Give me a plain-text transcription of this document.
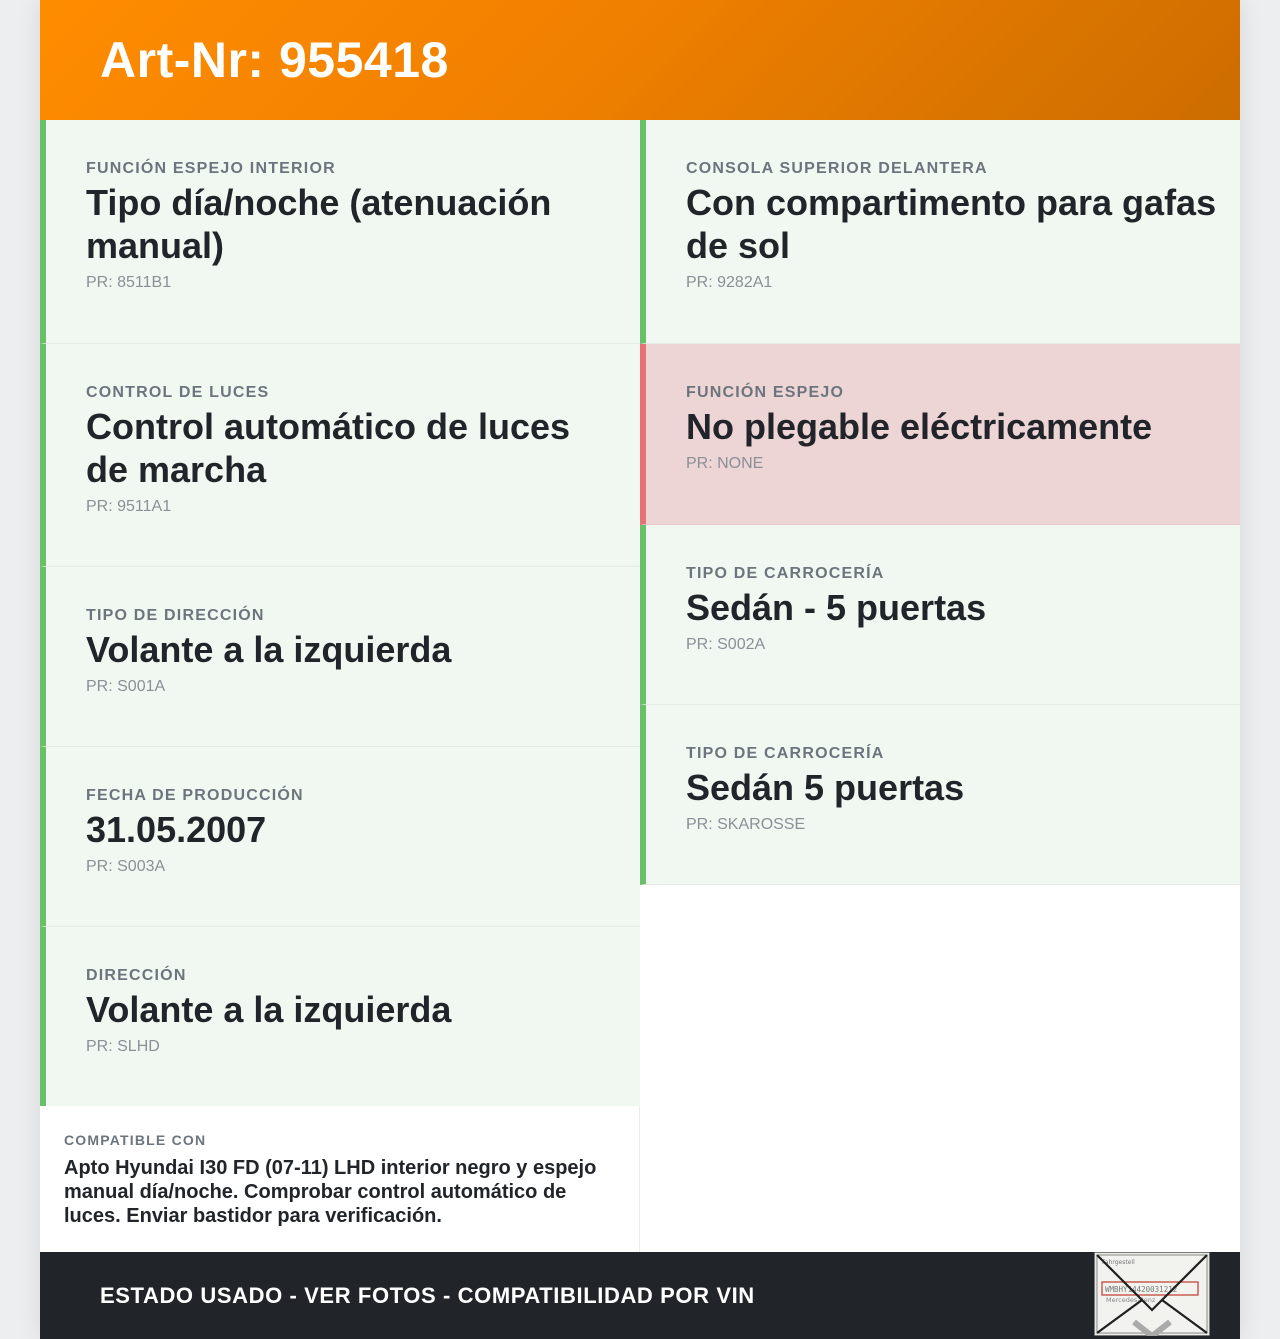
Art-Nr: 955418
FUNCIÓN ESPEJO INTERIOR
Tipo día/noche (atenuación manual)
PR: 8511B1
CONTROL DE LUCES
Control automático de luces de marcha
PR: 9511A1
TIPO DE DIRECCIÓN
Volante a la izquierda
PR: S001A
FECHA DE PRODUCCIÓN
31.05.2007
PR: S003A
DIRECCIÓN
Volante a la izquierda
PR: SLHD
CONSOLA SUPERIOR DELANTERA
Con compartimento para gafas de sol
PR: 9282A1
FUNCIÓN ESPEJO
No plegable eléctricamente
PR: NONE
TIPO DE CARROCERÍA
Sedán - 5 puertas
PR: S002A
TIPO DE CARROCERÍA
Sedán 5 puertas
PR: SKAROSSE
COMPATIBLE CON
Apto Hyundai I30 FD (07-11) LHD interior negro y espejo manual día/noche. Comprobar control automático de luces. Enviar bastidor para verificación.
ESTADO USADO - VER FOTOS - COMPATIBILIDAD POR VIN
Fahrgestell
WMBHY14420031212
Mercedes-Benz
